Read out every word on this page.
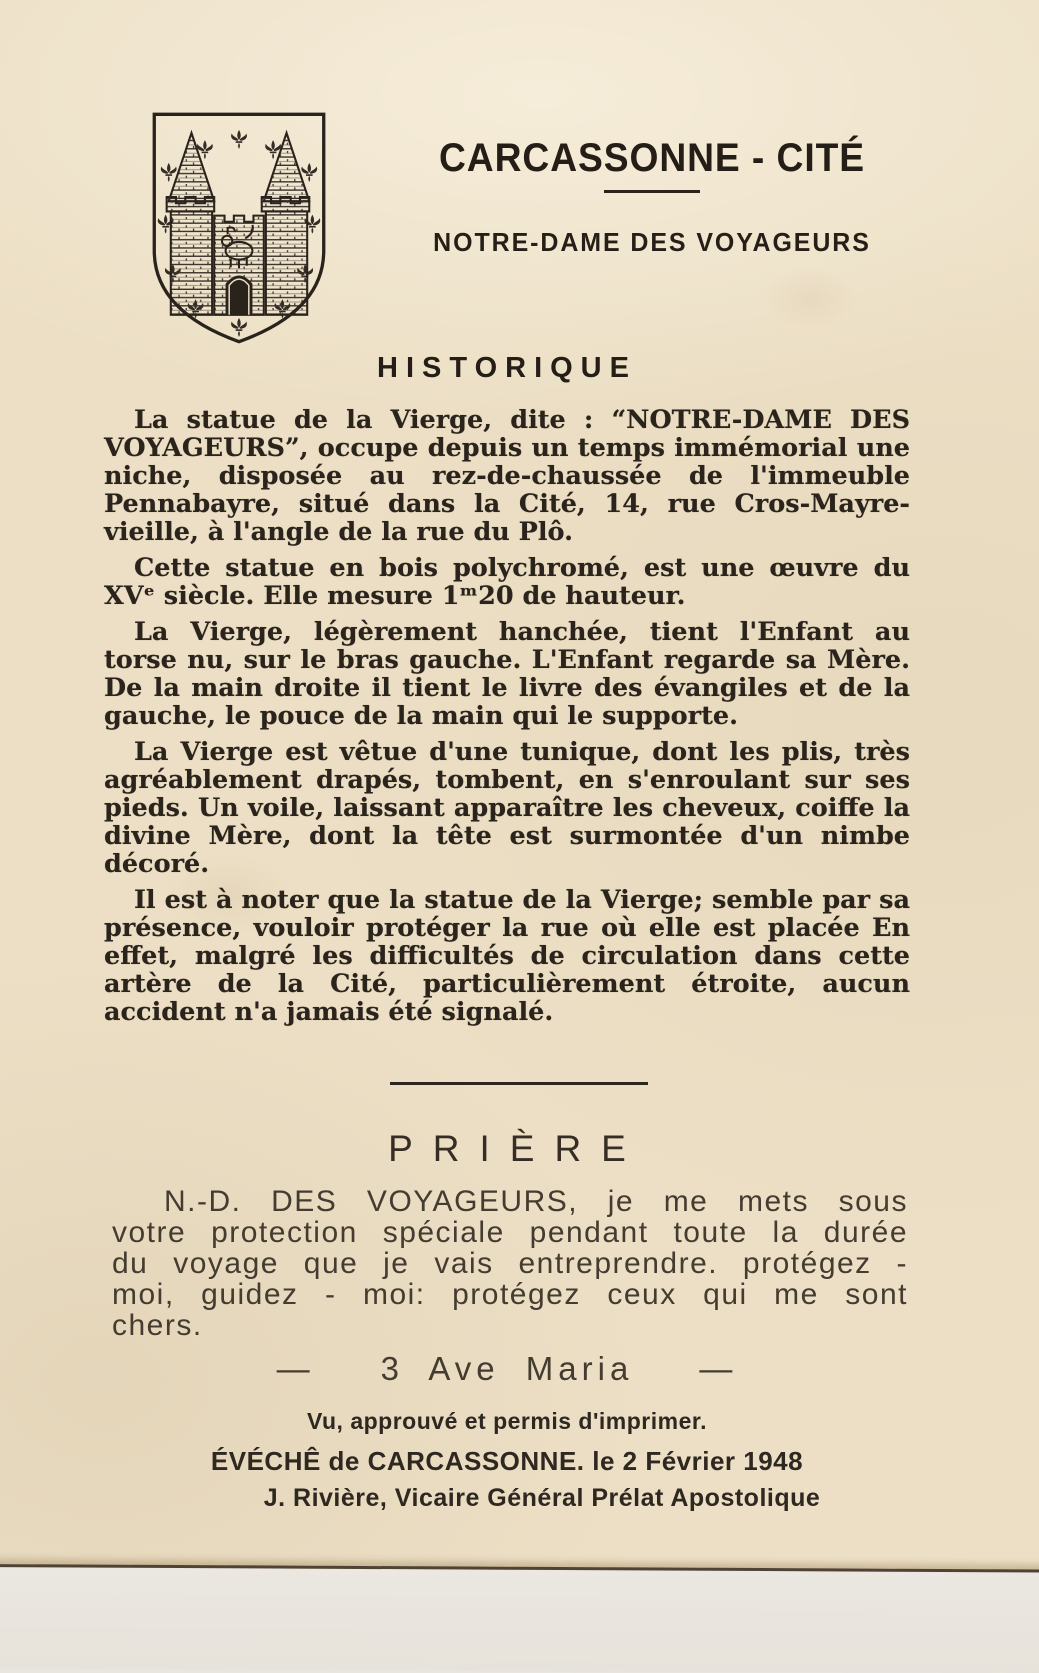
CARCASSONNE - CITÉ
NOTRE-DAME DES VOYAGEURS
HISTORIQUE

La statue de la Vierge, dite : “NOTRE-DAME DES VOYAGEURS”, occupe depuis un temps immémorial une niche, disposée au rez-de-chaussée de l'immeuble Pennabayre, situé dans la Cité, 14, rue Cros-Mayre-vieille, à l'angle de la rue du Plô.

Cette statue en bois polychromé, est une œuvre du XVᵉ siècle. Elle mesure 1ᵐ20 de hauteur.

La Vierge, légèrement hanchée, tient l'Enfant au torse nu, sur le bras gauche. L'Enfant regarde sa Mère. De la main droite il tient le livre des évangiles et de la gauche, le pouce de la main qui le supporte.

La Vierge est vêtue d'une tunique, dont les plis, très agréablement drapés, tombent, en s'enroulant sur ses pieds. Un voile, laissant apparaître les cheveux, coiffe la divine Mère, dont la tête est surmontée d'un nimbe décoré.

Il est à noter que la statue de la Vierge; semble par sa présence, vouloir protéger la rue où elle est placée En effet, malgré les difficultés de circulation dans cette artère de la Cité, particulièrement étroite, aucun accident n'a jamais été signalé.

PRIÈRE

N.-D. DES VOYAGEURS, je me mets sous votre protection spéciale pendant toute la durée du voyage que je vais entreprendre. protégez - moi, guidez - moi: protégez ceux qui me sont chers.

— 3 Ave Maria —

Vu, approuvé et permis d'imprimer.

ÉVÉCHÊ de CARCASSONNE. le 2 Février 1948

J. Rivière, Vicaire Général Prélat Apostolique
